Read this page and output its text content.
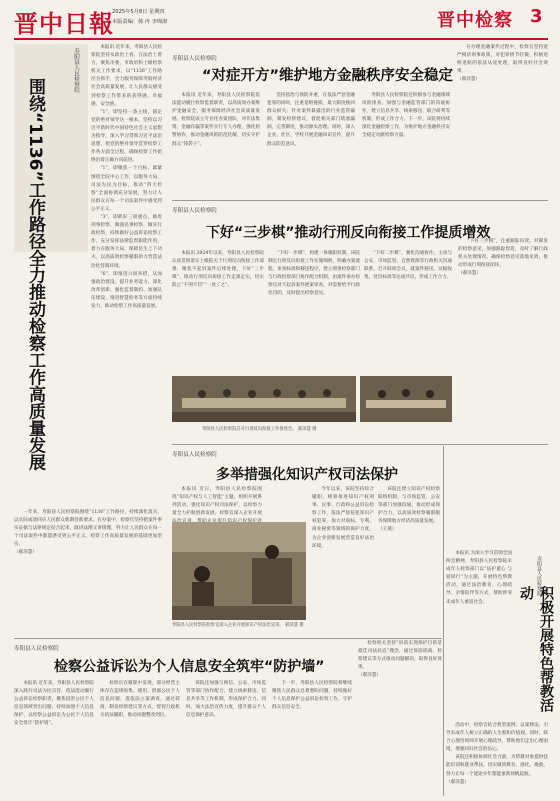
晋中日報
2025年5月8日 星期四
本版责编：韩 冉 李锦淑	晋中检察 3
寿阳县人民检察院
围绕“1136”工作路径全力推动检察工作高质量发展

本报讯 近年来，寿阳县人民检察院坚持从政治上看、在法治上着力，聚焦市委、市政府和上级检察机关工作要求，以“1136”工作路径为抓手，全力服务保障寿阳经济社会高质量发展，让人民群众感受到检察工作带来的获得感、幸福感、安全感。

“1”，即坚持一条主线，锚定党的绝对领导这一根本，坚持以习近平新时代中国特色社会主义思想为指导，深入学习贯彻习近平法治思想，把党的绝对领导贯穿检察工作各方面全过程，确保检察工作始终沿着正确方向前进。

“1”，即聚焦一个目标，紧紧围绕全院中心工作，以服务大局、司法为民为目标，推动“四大检察”全面协调充分发展，努力让人民群众在每一个司法案件中感受到公平正义。

“3”，即抓好三项重点，做优刑事检察、做强民事检察、做实行政检察，持续做好公益诉讼检察工作，充分发挥法律监督职能作用，着力在服务大局、保障民生上下功夫，以高质效检察履职助力营造法治化营商环境。

“6”，即推进六项举措，从加强政治建设、提升业务能力、深化改革创新、强化监督制约、加强队伍建设、推进智慧检务等方面持续发力，推动检察工作高质量发展。

一年来，寿阳县人民检察院围绕“1136”工作路径，持续深化落实，以实际成效回应人民群众新期待新要求。在办案中，检察官坚持把案件事实证据与法律规定结合起来，既讲法理又讲情理，努力让人民群众在每一个司法案件中都能感受到公平正义，检察工作高质量发展的基础更加坚实。

（郝泽慧）
寿阳县人民检察院
“对症开方”维护地方金融秩序安全稳定
本报讯 近年来，寿阳县人民检察院依法能动履行检察监督职责，以高质效办案维护金融安全，服务保障经济社会高质量发展。检察院成立专业化办案团队，对非法集资、金融诈骗等案件实行专人办理，强化检警协作，推动金融风险防范化解，切实守护群众“钱袋子”。
坚持惩治与预防并重，在依法严惩金融犯罪的同时，注重追赃挽损，最大限度挽回群众损失；针对案件暴露出的行业监管漏洞，制发检察建议，督促相关部门堵塞漏洞、完善制度，推动源头治理。同时，深入企业、社区、学校开展金融知识宣传，提升群众防范意识。
寿阳县人民检察院还积极参与金融领域风险排查，加强与金融监管部门的沟通协作，建立信息共享、线索移送、联合研判等机制，形成工作合力。下一步，该院将持续深化金融检察工作，为维护地方金融秩序安全稳定贡献检察力量。

在办理金融案件过程中，检察官坚持宽严相济刑事政策，对犯罪情节轻微、积极退赃退赔的依法从宽处理，取得良好社会效果。

（郝泽慧）
寿阳县人民检察院
下好“三步棋”推动行刑反向衔接工作提质增效
本报讯 2024年以来，寿阳县人民检察院认真贯彻落实上级院关于行刑反向衔接工作部署，聚焦不起诉案件后续处理，下好“三步棋”，推动行刑反向衔接工作走深走实，切实防止“不刑不罚”“一放了之”。
“下好一步棋”，构建一体履职机制。该院制定行刑反向衔接工作实施细则，明确办案流程、审查标准和移送程序，建立刑事检察部门与行政检察部门协作配合机制，由案件承办检察官对不起诉案件逐案审查，对需要给予行政处罚的，及时提出检察意见。
“下好二步棋”，强化沟通协作。主动与公安、市场监管、自然资源等行政机关沟通联系，召开联席会议，就案件移送、证据收集、处罚标准等达成共识，形成工作合力。

“下好三步棋”，注重跟踪问效。对制发的检察意见，加强跟踪督促，及时了解行政机关处理情况，确保检察意见落地见效，推动形成行刑衔接闭环。

（郝泽慧）
寿阳县人民检察院召开行刑反向衔接工作推进会。 郝泽慧 摄
寿阳县人民检察院
多举措强化知识产权司法保护
本报讯 近日，寿阳县人民检察院围绕“知识产权与人工智能”主题，组织开展系列活动，强化知识产权司法保护，以检察力量全力护航创新发展。检察官深入企业开展
寿阳县人民检察院检察官深入企业开展知识产权法治宣讲。 郝泽慧 摄
今年以来，该院坚持综合履职，统筹推进知识产权刑事、民事、行政和公益诉讼检察工作，依法严惩侵犯知识产权犯罪，加大对商标、专利、商业秘密等领域的保护力度，为企业创新发展营造良好法治环境。

该院还建立知识产权检察联络机制，与市场监管、公安等部门加强沟通，推动形成保护合力，以高质效检察履职服务保障地方经济高质量发展。

（王燕）
寿阳县人民检察院
积极开展特色帮教活动
本报讯 为深入学习贯彻全国两会精神，寿阳县人民检察院未成年人检察部门以“法护童心 与爱同行”为主题，开展特色帮教活动，通过法治教育、心理疏导、亲情陪伴等方式，帮助涉罪未成年人重返社会。

活动中，检察官结合典型案例，以案释法，引导未成年人树立正确的人生观和价值观。同时，联合心理咨询师开展心理疏导，帮助他们走出心理困境，增强回归社会的信心。

该院还积极协调社会力量，为帮教对象提供技能培训和就业帮扶，切实做到教育、感化、挽救，努力让每一个迷途少年都能重新扬帆起航。

（郝泽慧）
寿阳县人民检察院
检察公益诉讼为个人信息安全筑牢“防护墙”
本报讯 近年来，寿阳县人民检察院深入践行司法为民宗旨，依法能动履行公益诉讼检察职责，聚焦侵害公民个人信息领域突出问题，持续加强个人信息保护，以检察公益诉讼为公民个人信息安全筑牢“防护墙”。
检察官在履职中发现，部分经营主体存在违规收集、使用、泄露公民个人信息问题，遂依法立案调查，通过磋商、制发检察建议等方式，督促行政机关依法履职，推动问题整改到位。
该院还加强与网信、公安、市场监管等部门协作配合，建立线索移送、信息共享等工作机制，形成保护合力。同时，加大法治宣传力度，提升群众个人信息保护意识。
下一步，寿阳县人民检察院将继续聚焦人民群众急难愁盼问题，持续做好个人信息保护公益诉讼检察工作，守护群众信息安全。

检察机关坚持“诉前实现保护目的是最佳司法状态”理念，通过诉前磋商、检察建议等方式推动问题解决，取得良好效果。

（郝泽慧）
